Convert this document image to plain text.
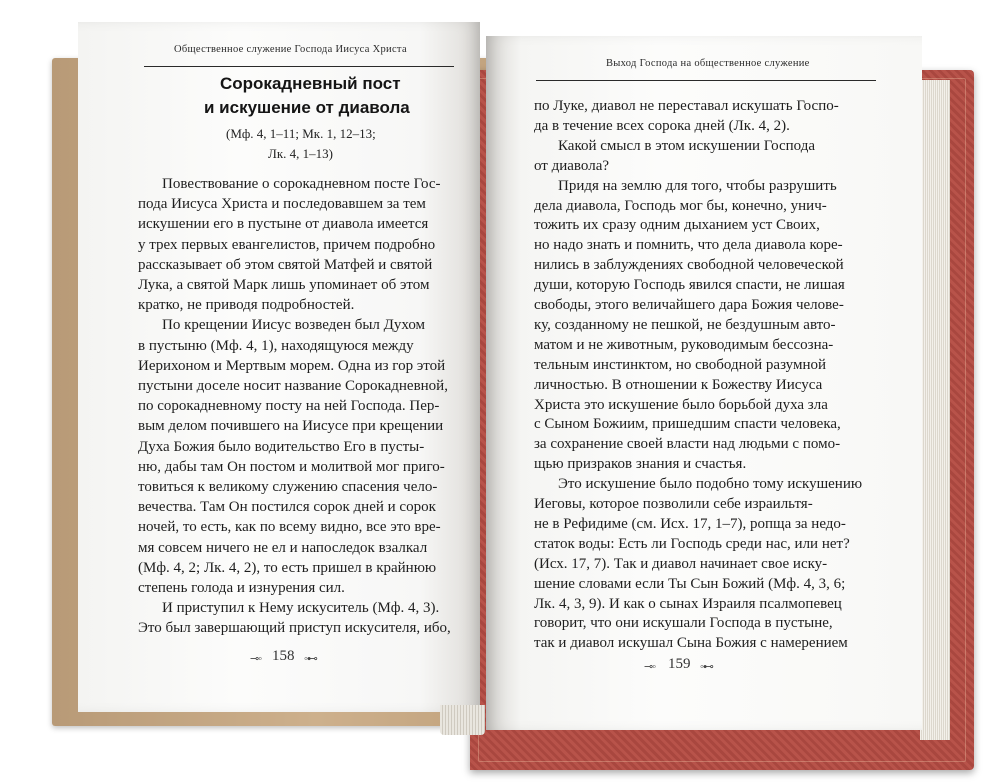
Общественное служение Господа Иисуса Христа
Сорокадневный пост
и искушение от диавола
(Мф. 4, 1–11; Мк. 1, 12–13;
Лк. 4, 1–13)
Повествование о сорокадневном посте Гос-
пода Иисуса Христа и последовавшем за тем
искушении его в пустыне от диавола имеется
у трех первых евангелистов, причем подробно
рассказывает об этом святой Матфей и святой
Лука, а святой Марк лишь упоминает об этом
кратко, не приводя подробностей.
По крещении Иисус возведен был Духом
в пустыню (Мф. 4, 1), находящуюся между
Иерихоном и Мертвым морем. Одна из гор этой
пустыни доселе носит название Сорокадневной,
по сорокадневному посту на ней Господа. Пер-
вым делом почившего на Иисусе при крещении
Духа Божия было водительство Его в пусты-
ню, дабы там Он постом и молитвой мог приго-
товиться к великому служению спасения чело-
вечества. Там Он постился сорок дней и сорок
ночей, то есть, как по всему видно, все это вре-
мя совсем ничего не ел и напоследок взалкал
(Мф. 4, 2; Лк. 4, 2), то есть пришел в крайнюю
степень голода и изнурения сил.
И приступил к Нему искуситель (Мф. 4, 3).
Это был завершающий приступ искусителя, ибо,
⊸◦ 158 ◦⊷
Выход Господа на общественное служение
по Луке, диавол не переставал искушать Госпо-
да в течение всех сорока дней (Лк. 4, 2).
Какой смысл в этом искушении Господа
от диавола?
Придя на землю для того, чтобы разрушить
дела диавола, Господь мог бы, конечно, унич-
тожить их сразу одним дыханием уст Своих,
но надо знать и помнить, что дела диавола коре-
нились в заблуждениях свободной человеческой
души, которую Господь явился спасти, не лишая
свободы, этого величайшего дара Божия челове-
ку, созданному не пешкой, не бездушным авто-
матом и не животным, руководимым бессозна-
тельным инстинктом, но свободной разумной
личностью. В отношении к Божеству Иисуса
Христа это искушение было борьбой духа зла
с Сыном Божиим, пришедшим спасти человека,
за сохранение своей власти над людьми с помо-
щью призраков знания и счастья.
Это искушение было подобно тому искушению
Иеговы, которое позволили себе израильтя-
не в Рефидиме (см. Исх. 17, 1–7), ропща за недо-
статок воды: Есть ли Господь среди нас, или нет?
(Исх. 17, 7). Так и диавол начинает свое иску-
шение словами если Ты Сын Божий (Мф. 4, 3, 6;
Лк. 4, 3, 9). И как о сынах Израиля псалмопевец
говорит, что они искушали Господа в пустыне,
так и диавол искушал Сына Божия с намерением
⊸◦ 159 ◦⊷
